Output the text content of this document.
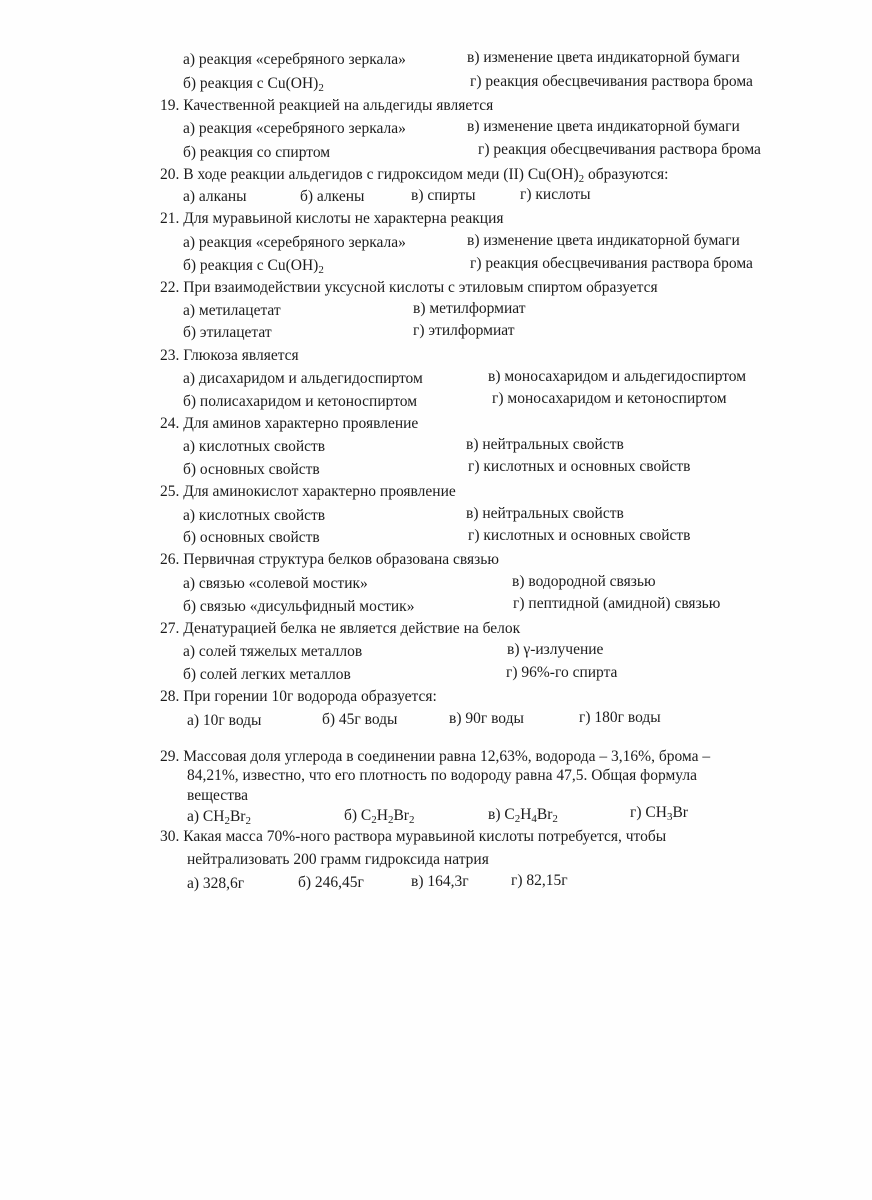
а) реакция «серебряного зеркала»	в) изменение цвета индикаторной бумаги
б) реакция с $Cu(OH)_2$	г) реакция обесцвечивания раствора брома
19. Качественной реакцией на альдегиды является
а) реакция «серебряного зеркала»	в) изменение цвета индикаторной бумаги
б) реакция со спиртом	г) реакция обесцвечивания раствора брома
20. В ходе реакции альдегидов с гидроксидом меди (II) $Cu(OH)_2$ образуются:
а) алканы	б) алкены	в) спирты	г) кислоты
21. Для муравьиной кислоты не характерна реакция
а) реакция «серебряного зеркала»	в) изменение цвета индикаторной бумаги
б) реакция с $Cu(OH)_2$	г) реакция обесцвечивания раствора брома
22. При взаимодействии уксусной кислоты с этиловым спиртом образуется
а) метилацетат	в) метилформиат
б) этилацетат	г) этилформиат
23. Глюкоза является
а) дисахаридом и альдегидоспиртом	в) моносахаридом и альдегидоспиртом
б) полисахаридом и кетоноспиртом	г) моносахаридом и кетоноспиртом
24. Для аминов характерно проявление
а) кислотных свойств	в) нейтральных свойств
б) основных свойств	г) кислотных и основных свойств
25. Для аминокислот характерно проявление
а) кислотных свойств	в) нейтральных свойств
б) основных свойств	г) кислотных и основных свойств
26. Первичная структура белков образована связью
а) связью «солевой мостик»	в) водородной связью
б) связью «дисульфидный мостик»	г) пептидной (амидной) связью
27. Денатурацией белка не является действие на белок
а) солей тяжелых металлов	в) γ-излучение
б) солей легких металлов	г) 96%-го спирта
28. При горении 10г водорода образуется:
а) 10г воды	б) 45г воды	в) 90г воды	г) 180г воды
29. Массовая доля углерода в соединении равна 12,63%, водорода – 3,16%, брома –
84,21%, известно, что его плотность по водороду равна 47,5. Общая формула
вещества
а) $CH_2Br_2$	б) $C_2H_2Br_2$	в) $C_2H_4Br_2$	г) $CH_3Br$
30. Какая масса 70%-ного раствора муравьиной кислоты потребуется, чтобы
нейтрализовать 200 грамм гидроксида натрия
а) 328,6г	б) 246,45г	в) 164,3г	г) 82,15г
